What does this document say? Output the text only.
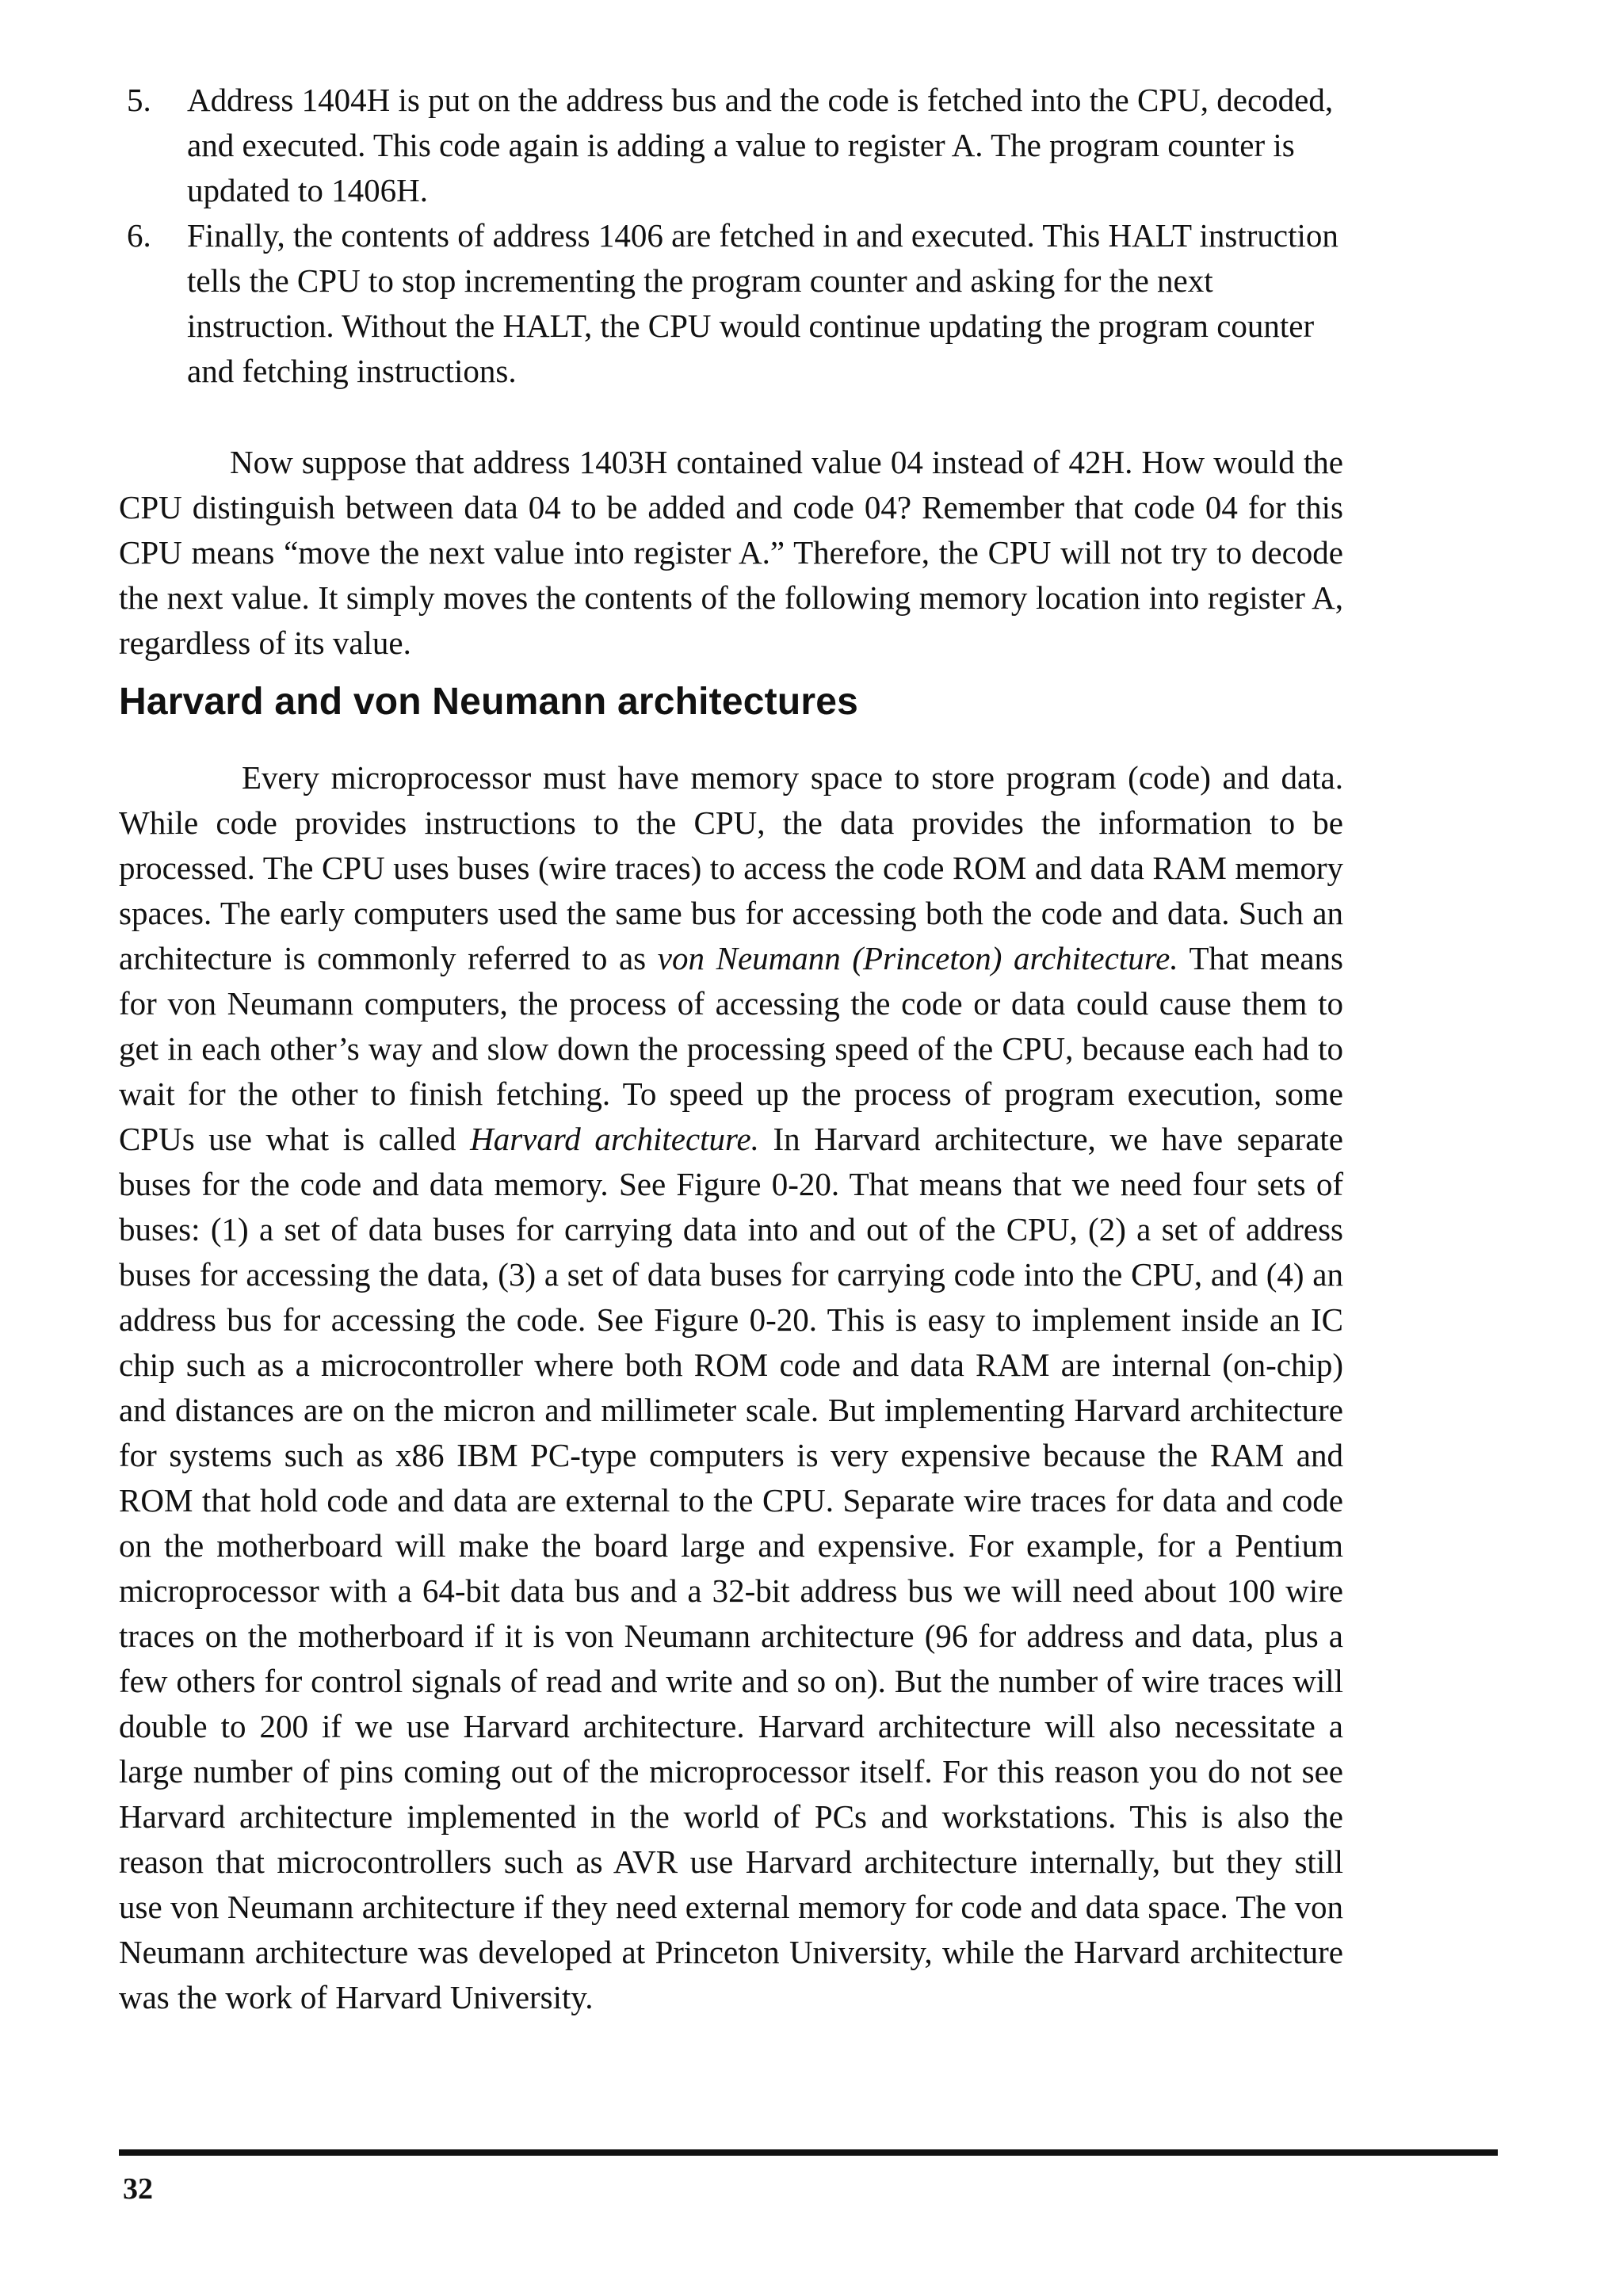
5. Address 1404H is put on the address bus and the code is fetched into the CPU, decoded, and executed. This code again is adding a value to register A. The program counter is updated to 1406H.
6. Finally, the contents of address 1406 are fetched in and executed. This HALT instruction tells the CPU to stop incrementing the program counter and asking for the next instruction. Without the HALT, the CPU would continue updating the program counter and fetching instructions.

Now suppose that address 1403H contained value 04 instead of 42H. How would the CPU distinguish between data 04 to be added and code 04? Remember that code 04 for this CPU means “move the next value into register A.” Therefore, the CPU will not try to decode the next value. It simply moves the contents of the following memory location into register A, regardless of its value.

Harvard and von Neumann architectures

Every microprocessor must have memory space to store program (code) and data. While code provides instructions to the CPU, the data provides the information to be processed. The CPU uses buses (wire traces) to access the code ROM and data RAM memory spaces. The early computers used the same bus for accessing both the code and data. Such an architecture is commonly referred to as von Neumann (Princeton) architecture. That means for von Neumann computers, the process of accessing the code or data could cause them to get in each other’s way and slow down the processing speed of the CPU, because each had to wait for the other to finish fetching. To speed up the process of program execution, some CPUs use what is called Harvard architecture. In Harvard architecture, we have separate buses for the code and data memory. See Figure 0-20. That means that we need four sets of buses: (1) a set of data buses for carrying data into and out of the CPU, (2) a set of address buses for accessing the data, (3) a set of data buses for carrying code into the CPU, and (4) an address bus for accessing the code. See Figure 0-20. This is easy to implement inside an IC chip such as a microcontroller where both ROM code and data RAM are internal (on-chip) and distances are on the micron and millimeter scale. But implementing Harvard architecture for systems such as x86 IBM PC-type computers is very expensive because the RAM and ROM that hold code and data are external to the CPU. Separate wire traces for data and code on the motherboard will make the board large and expensive. For example, for a Pentium microprocessor with a 64-bit data bus and a 32-bit address bus we will need about 100 wire traces on the motherboard if it is von Neumann architecture (96 for address and data, plus a few others for control signals of read and write and so on). But the number of wire traces will double to 200 if we use Harvard architecture. Harvard architecture will also necessitate a large number of pins coming out of the microprocessor itself. For this reason you do not see Harvard architecture implemented in the world of PCs and workstations. This is also the reason that microcontrollers such as AVR use Harvard architecture internally, but they still use von Neumann architecture if they need external memory for code and data space. The von Neumann architecture was developed at Princeton University, while the Harvard architecture was the work of Harvard University.

32
